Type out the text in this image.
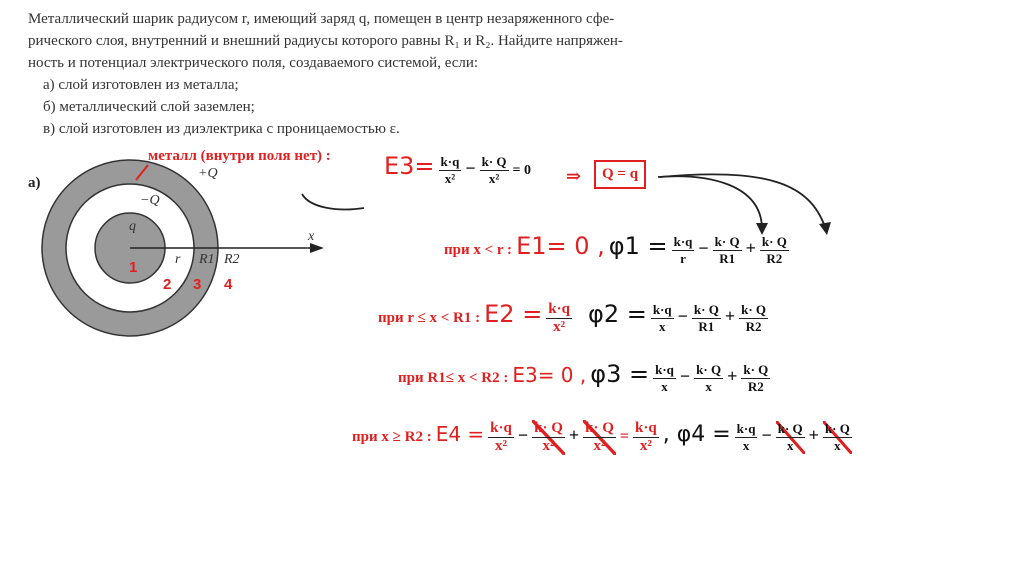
Металлический шарик радиусом r, имеющий заряд q, помещен в центр незаряженного сфе-
рического слоя, внутренний и внешний радиусы которого равны R₁ и R₂. Найдите напряжен-
ность и потенциал электрического поля, создаваемого системой, если:
а) слой изготовлен из металла;
б) металлический слой заземлен;
в) слой изготовлен из диэлектрика с проницаемостью ε.
а)
+Q
−Q
q
x
r R1 R2
1
2 3 4
металл (внутри поля нет) : $E3= \frac{k\cdot q}{\text{x²}} - \frac{k\cdot Q}{\text{x²}} = 0$ ⇒	Q = q
при x < r : E1= 0 , $\varphi 1 = \frac{k\cdot q}{r} - \frac{k\cdot Q}{R1} + \frac{k\cdot Q}{R2}$
при r ≤ x < R1 : $E2 = \frac{k\cdot q}{\text{x²}} \varphi 2 = \frac{k\cdot q}{x} - \frac{k\cdot Q}{R1} + \frac{k\cdot Q}{R2}$
при R1≤ x < R2 : E3= 0 , $\varphi 3 = \frac{k\cdot q}{x} - \frac{k\cdot Q}{x} + \frac{k\cdot Q}{R2}$
при x ≥ R2 : $E4 = \frac{k\cdot q}{\text{x²}} - \frac{k\cdot Q}{\text{x²}} + \frac{k\cdot Q}{\text{x²}} = \frac{k\cdot q}{\text{x²}}$ , $\varphi 4 = \frac{k\cdot q}{x} - \frac{k\cdot Q}{x} + \frac{k\cdot Q}{x}$
